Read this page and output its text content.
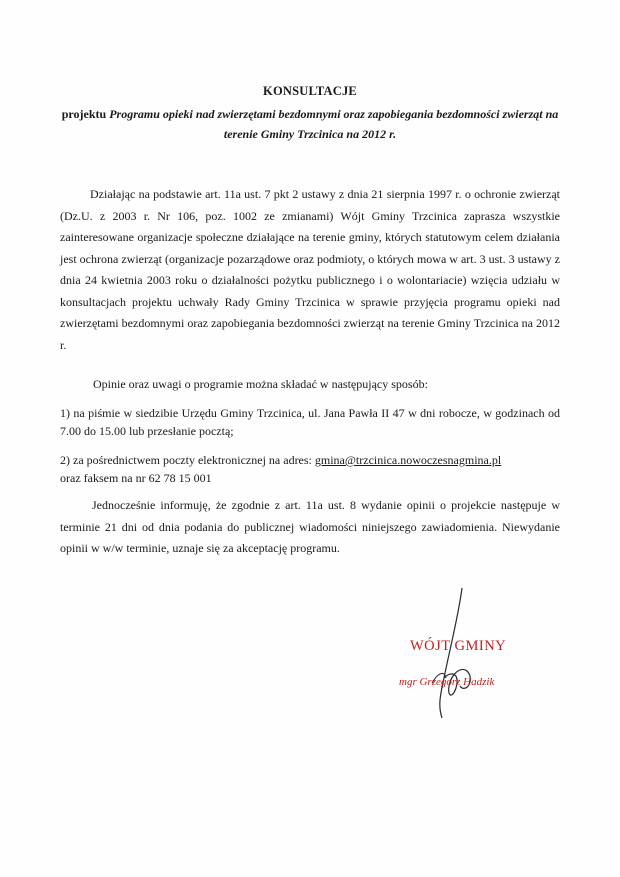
KONSULTACJE
projektu Programu opieki nad zwierzętami bezdomnymi oraz zapobiegania bezdomności zwierząt na terenie Gminy Trzcinica na 2012 r.
Działając na podstawie art. 11a ust. 7 pkt 2 ustawy z dnia 21 sierpnia 1997 r. o ochronie zwierząt (Dz.U. z 2003 r. Nr 106, poz. 1002 ze zmianami) Wójt Gminy Trzcinica zaprasza wszystkie zainteresowane organizacje społeczne działające na terenie gminy, których statutowym celem działania jest ochrona zwierząt (organizacje pozarządowe oraz podmioty, o których mowa w art. 3 ust. 3 ustawy z dnia 24 kwietnia 2003 roku o działalności pożytku publicznego i o wolontariacie) wzięcia udziału w konsultacjach projektu uchwały Rady Gminy Trzcinica w sprawie przyjęcia programu opieki nad zwierzętami bezdomnymi oraz zapobiegania bezdomności zwierząt na terenie Gminy Trzcinica na 2012 r.
Opinie oraz uwagi o programie można składać w następujący sposób:
1) na piśmie w siedzibie Urzędu Gminy Trzcinica, ul. Jana Pawła II 47 w dni robocze, w godzinach od 7.00 do 15.00 lub przesłanie pocztą;
2) za pośrednictwem poczty elektronicznej na adres: gmina@trzcinica.nowoczesnagmina.pl
oraz faksem na nr 62 78 15 001
Jednocześnie informuję, że zgodnie z art. 11a ust. 8 wydanie opinii o projekcie następuje w terminie 21 dni od dnia podania do publicznej wiadomości niniejszego zawiadomienia. Niewydanie opinii w w/w terminie, uznaje się za akceptację programu.
WÓJT GMINY
mgr Grzegorz Hadzik
